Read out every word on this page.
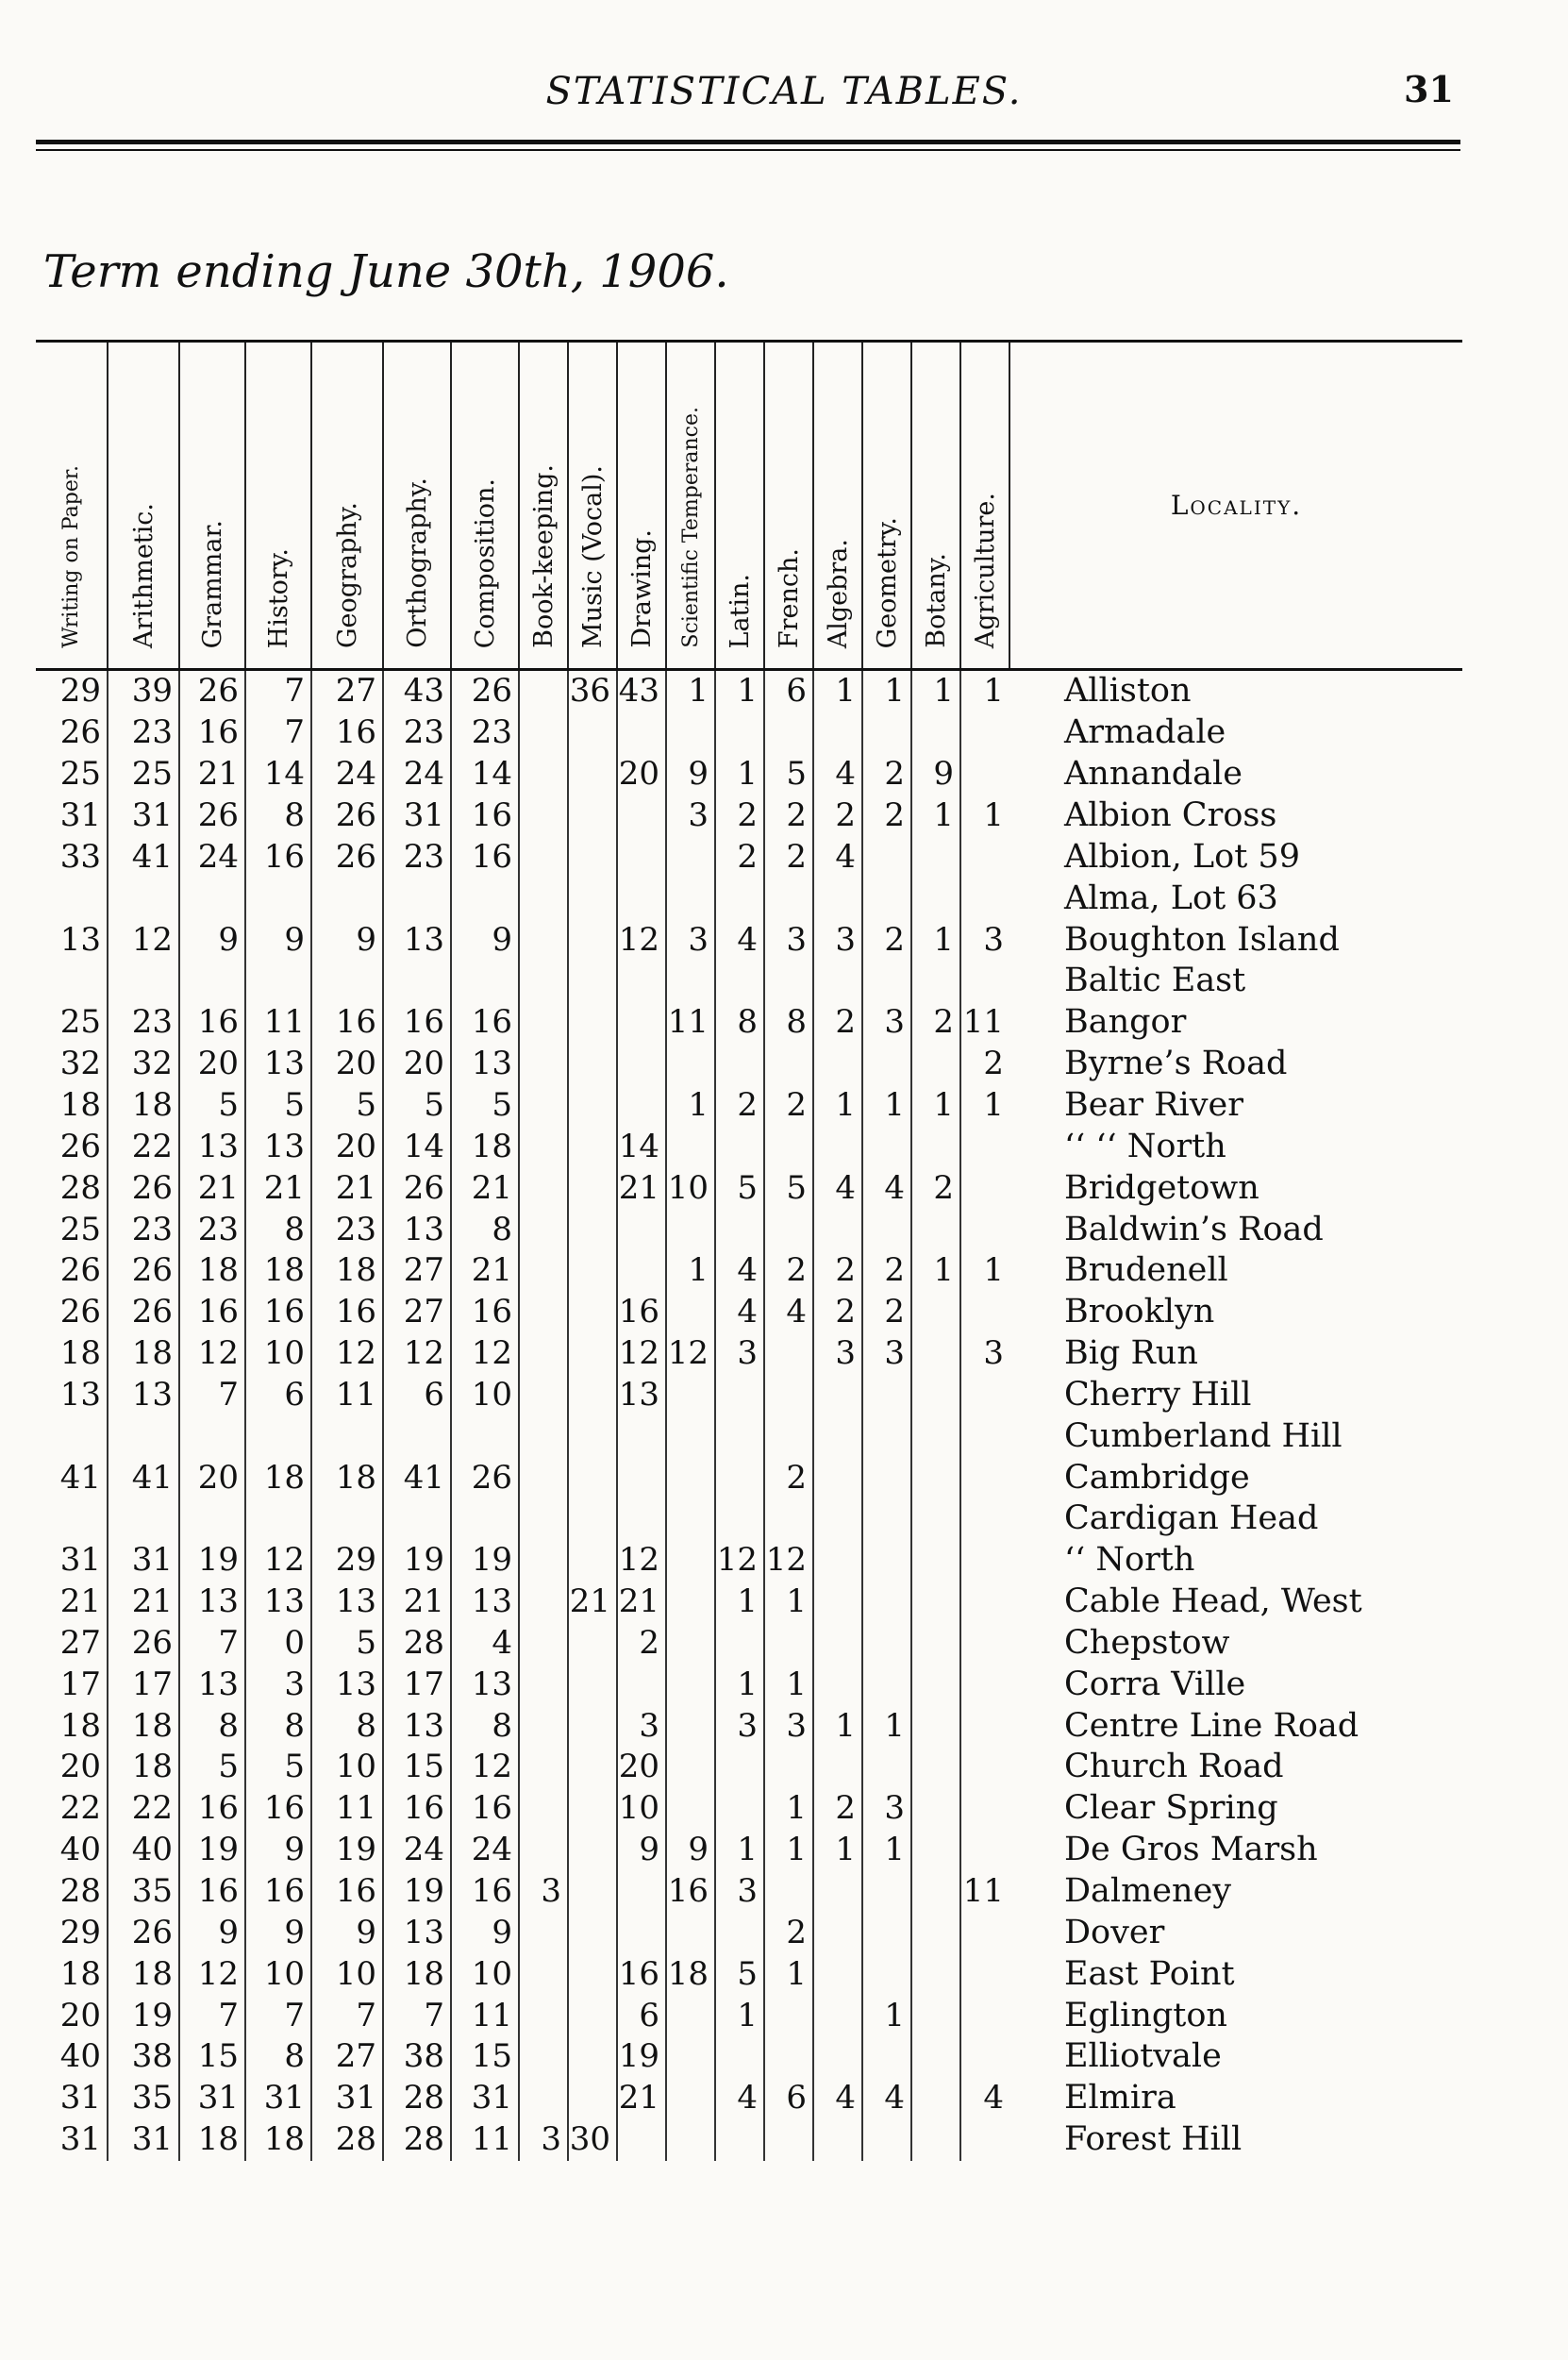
STATISTICAL TABLES.	31
Term ending June 30th, 1906.
Writing on Paper.	Arithmetic.	Grammar.	History.	Geography.	Orthography.	Composition.	Book-keeping.	Music (Vocal).	Drawing.	Scientific Temperance.	Latin.	French.	Algebra.	Geometry.	Botany.	Agriculture.	Locality.
29	39	26	7	27	43	26		36	43	1	1	6	1	1	1	1	Alliston
26	23	16	7	16	23	23											Armadale
25	25	21	14	24	24	14			20	9	1	5	4	2	9		Annandale
31	31	26	8	26	31	16				3	2	2	2	2	1	1	Albion Cross
33	41	24	16	26	23	16					2	2	4				Albion, Lot 59
																	Alma, Lot 63
13	12	9	9	9	13	9			12	3	4	3	3	2	1	3	Boughton Island
																	Baltic East
25	23	16	11	16	16	16				11	8	8	2	3	2	11	Bangor
32	32	20	13	20	20	13										2	Byrne’s Road
18	18	5	5	5	5	5				1	2	2	1	1	1	1	Bear River
26	22	13	13	20	14	18			14								‘‘ ‘‘ North
28	26	21	21	21	26	21			21	10	5	5	4	4	2		Bridgetown
25	23	23	8	23	13	8											Baldwin’s Road
26	26	18	18	18	27	21				1	4	2	2	2	1	1	Brudenell
26	26	16	16	16	27	16			16		4	4	2	2			Brooklyn
18	18	12	10	12	12	12			12	12	3		3	3		3	Big Run
13	13	7	6	11	6	10			13								Cherry Hill
																	Cumberland Hill
41	41	20	18	18	41	26						2					Cambridge
																	Cardigan Head
31	31	19	12	29	19	19			12		12	12					‘‘ North
21	21	13	13	13	21	13		21	21		1	1					Cable Head, West
27	26	7	0	5	28	4			2								Chepstow
17	17	13	3	13	17	13					1	1					Corra Ville
18	18	8	8	8	13	8			3		3	3	1	1			Centre Line Road
20	18	5	5	10	15	12			20								Church Road
22	22	16	16	11	16	16			10			1	2	3			Clear Spring
40	40	19	9	19	24	24			9	9	1	1	1	1			De Gros Marsh
28	35	16	16	16	19	16	3			16	3					11	Dalmeney
29	26	9	9	9	13	9						2					Dover
18	18	12	10	10	18	10			16	18	5	1					East Point
20	19	7	7	7	7	11			6		1			1			Eglington
40	38	15	8	27	38	15			19								Elliotvale
31	35	31	31	31	28	31			21		4	6	4	4		4	Elmira
31	31	18	18	28	28	11	3	30									Forest Hill
